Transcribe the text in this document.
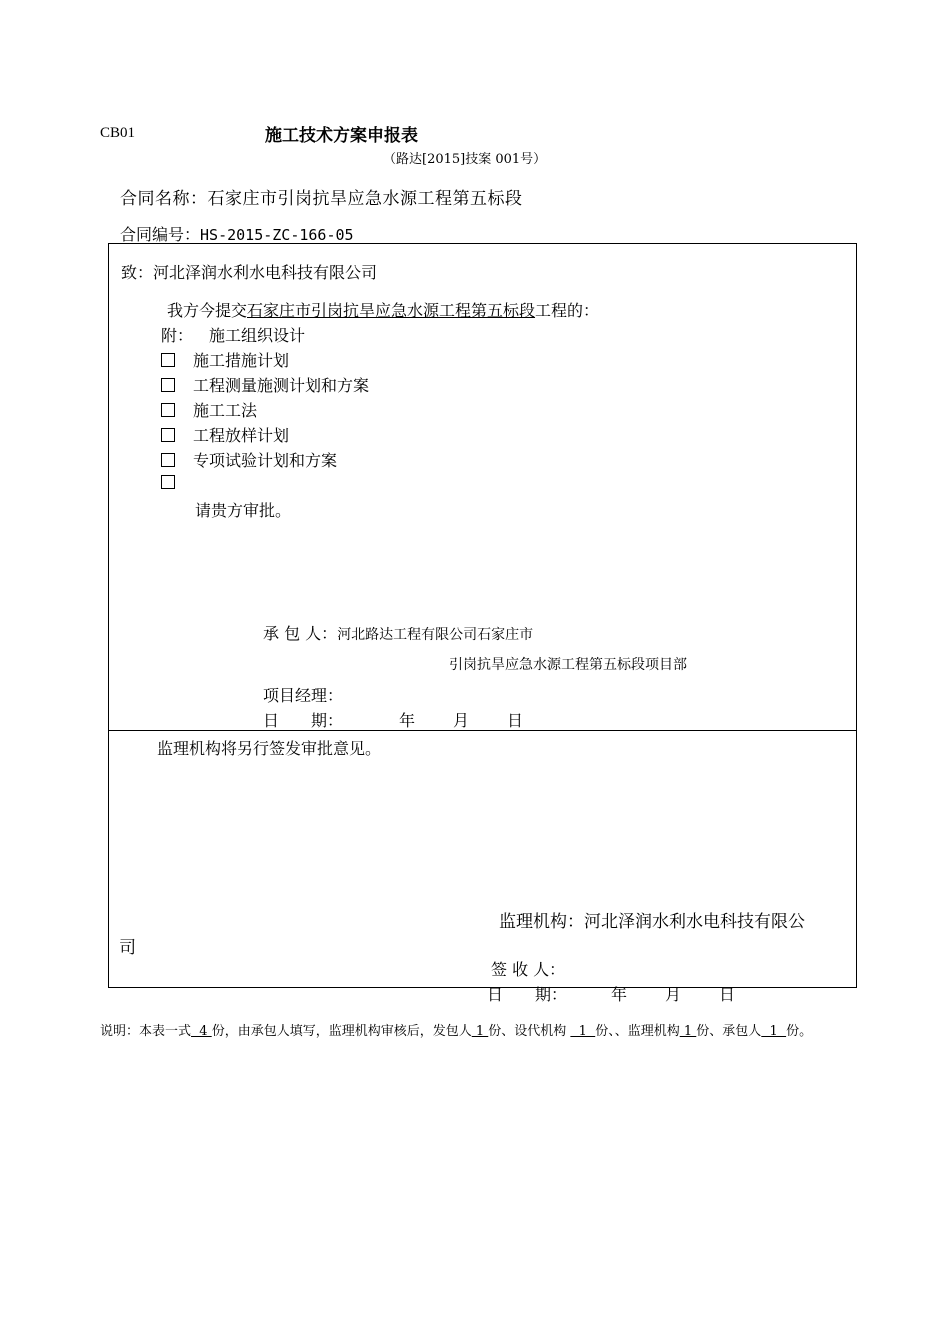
CB01	施工技术方案申报表
（路达[2015]技案 001号）
合同名称：石家庄市引岗抗旱应急水源工程第五标段
合同编号：HS-2015-ZC-166-05
致：河北泽润水利水电科技有限公司
我方今提交石家庄市引岗抗旱应急水源工程第五标段工程的：
附： 施工组织设计
施工措施计划
工程测量施测计划和方案
施工工法
工程放样计划
专项试验计划和方案
请贵方审批。
承 包 人：河北路达工程有限公司石家庄市
引岗抗旱应急水源工程第五标段项目部
项目经理：
日　　期：	年 月 日
监理机构将另行签发审批意见。
监理机构：河北泽润水利水电科技有限公
司
签 收 人：
日　　期：	年 月 日
说明：本表一式  4 份，由承包人填写，监理机构审核后，发包人 1 份、设代机构   1  份、、监理机构 1 份、承包人  1  份。
